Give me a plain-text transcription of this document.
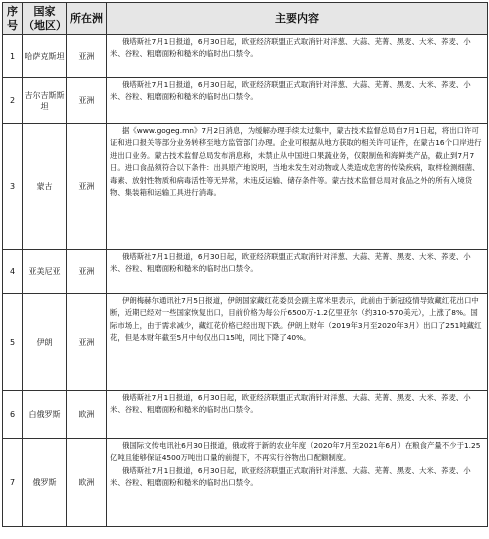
序号	国家（地区）	所在洲	主要内容
1	哈萨克斯坦	亚洲	俄塔斯社7月1日报道，6月30日起，欧亚经济联盟正式取消针对洋葱、大蒜、芜菁、黑麦、大米、荞麦、小米、谷粒、粗磨面粉和糙米的临时出口禁令。

2	吉尔吉斯斯坦	亚洲	俄塔斯社7月1日报道，6月30日起，欧亚经济联盟正式取消针对洋葱、大蒜、芜菁、黑麦、大米、荞麦、小米、谷粒、粗磨面粉和糙米的临时出口禁令。

3	蒙古	亚洲	据《www.gogeg.mn》7月2日消息，为缓解办理手续太过集中，蒙古技术监督总局自7月1日起，将出口许可证和进口报关等部分业务转移至地方监管部门办理。企业可根据从地方获取的相关许可证件，在蒙古16个口岸进行进出口业务。蒙古技术监督总局发布消息称，未禁止从中国进口果蔬业务，仅限制鱼和海鲜类产品，截止到7月7日。进口食品须符合以下条件：出具原产地说明，当地未发生对动物或人类造成危害的传染疾病，取样检测细菌、毒素、放射性物质和病毒活性等无异常，未违反运输、储存条件等。蒙古技术监督总局对食品之外的所有入境货物、集装箱和运输工具进行消毒。

4	亚美尼亚	亚洲	俄塔斯社7月1日报道，6月30日起，欧亚经济联盟正式取消针对洋葱、大蒜、芜菁、黑麦、大米、荞麦、小米、谷粒、粗磨面粉和糙米的临时出口禁令。

5	伊朗	亚洲	伊朗梅赫尔通讯社7月5日报道，伊朗国家藏红花委员会副主席米里表示，此前由于新冠疫情导致藏红花出口中断，近期已经对一些国家恢复出口，目前价格为每公斤6500万-1.2亿里亚尔（约310-570美元），上涨了8%。国际市场上，由于需求减少，藏红花价格已经出现下跌。伊朗上财年（2019年3月至2020年3月）出口了251吨藏红花，但是本财年截至5月中旬仅出口15吨，同比下降了40%。

6	白俄罗斯	欧洲	俄塔斯社7月1日报道，6月30日起，欧亚经济联盟正式取消针对洋葱、大蒜、芜菁、黑麦、大米、荞麦、小米、谷粒、粗磨面粉和糙米的临时出口禁令。

7	俄罗斯	欧洲	俄国际文传电讯社6月30日报道，俄或将于新的农业年度（2020年7月至2021年6月）在粮食产量不少于1.25亿吨且能够保证4500万吨出口量的前提下，不再实行谷物出口配额制度。

俄塔斯社7月1日报道，6月30日起，欧亚经济联盟正式取消针对洋葱、大蒜、芜菁、黑麦、大米、荞麦、小米、谷粒、粗磨面粉和糙米的临时出口禁令。
